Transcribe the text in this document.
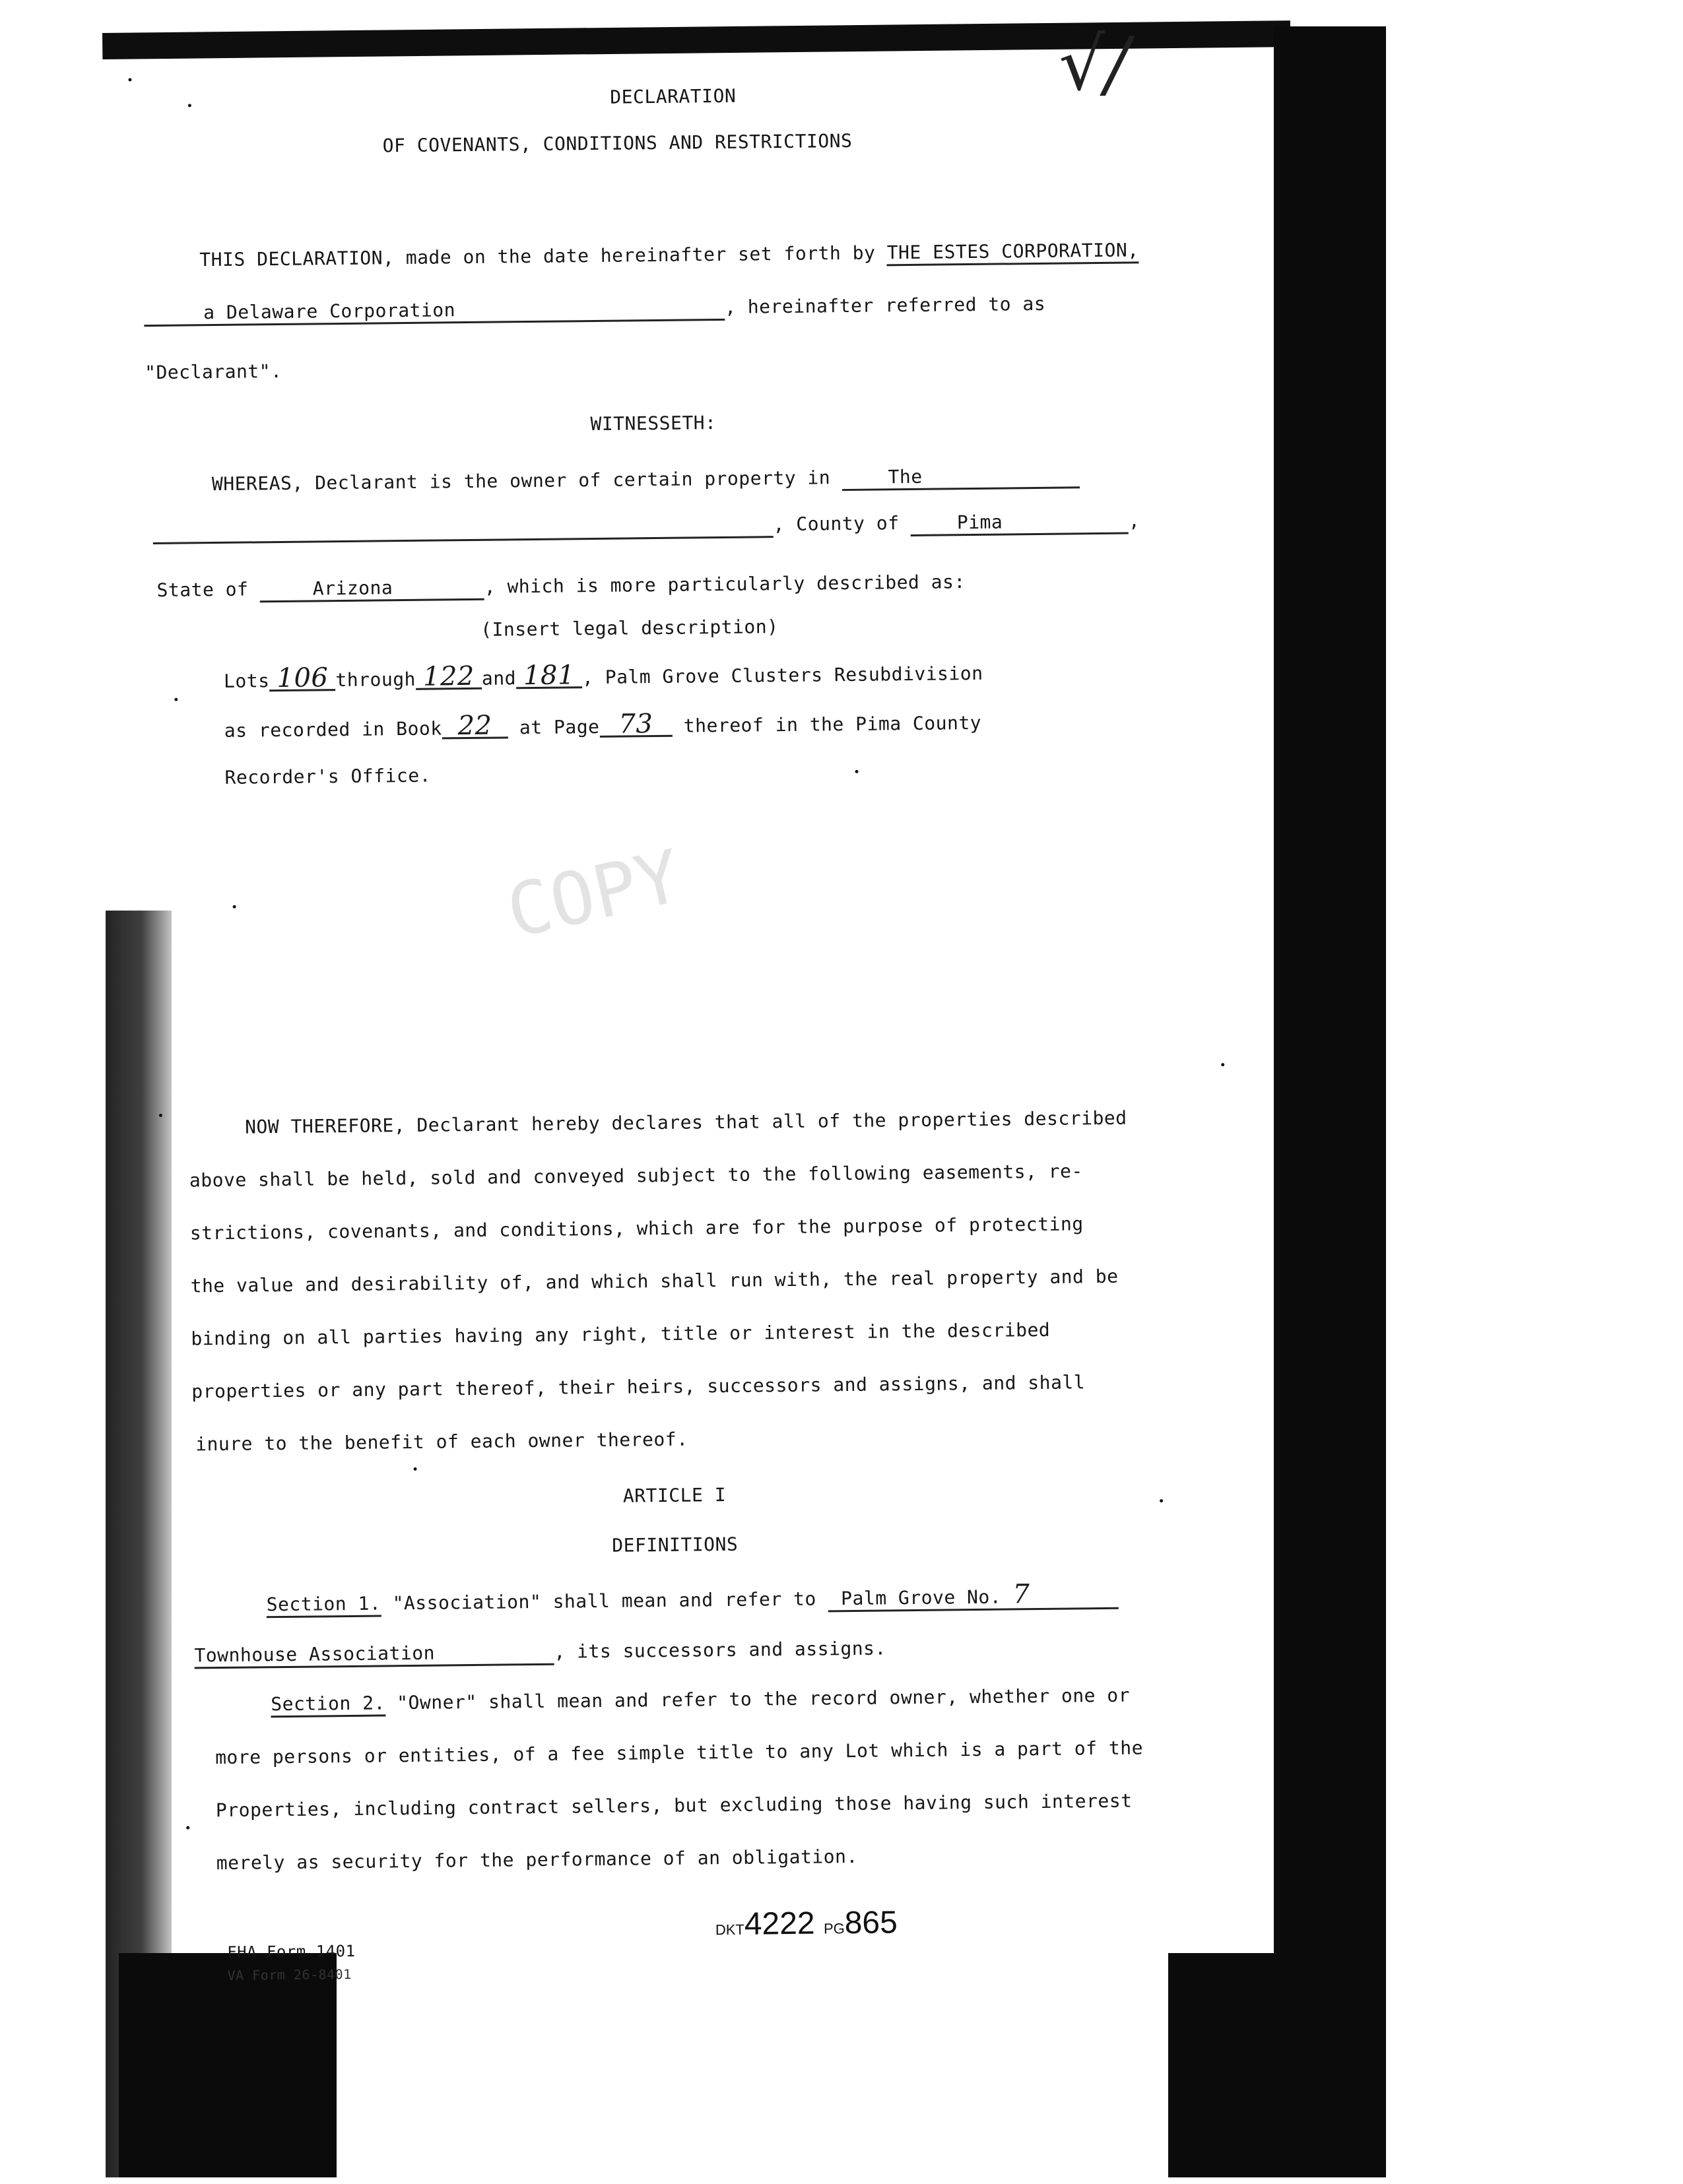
√/
DECLARATION
OF COVENANTS, CONDITIONS AND RESTRICTIONS
THIS DECLARATION, made on the date hereinafter set forth by THE ESTES CORPORATION,
a Delaware Corporation	, hereinafter referred to as
"Declarant".
WITNESSETH:
WHEREAS, Declarant is the owner of certain property in	The
, County of	Pima	,
State of	Arizona	, which is more particularly described as:
(Insert legal description)
Lots 106 through 122 and 181 , Palm Grove Clusters Resubdivision
as recorded in Book 22 at Page 73 thereof in the Pima County
Recorder's Office.
COPY
NOW THEREFORE, Declarant hereby declares that all of the properties described
above shall be held, sold and conveyed subject to the following easements, re-
strictions, covenants, and conditions, which are for the purpose of protecting
the value and desirability of, and which shall run with, the real property and be
binding on all parties having any right, title or interest in the described
properties or any part thereof, their heirs, successors and assigns, and shall
inure to the benefit of each owner thereof.
ARTICLE I
DEFINITIONS
Section 1. "Association" shall mean and refer to Palm Grove No. 7
Townhouse Association	, its successors and assigns.
Section 2. "Owner" shall mean and refer to the record owner, whether one or
more persons or entities, of a fee simple title to any Lot which is a part of the
Properties, including contract sellers, but excluding those having such interest
merely as security for the performance of an obligation.
FHA Form 1401
VA Form 26-8401
DKT4222 PG865
